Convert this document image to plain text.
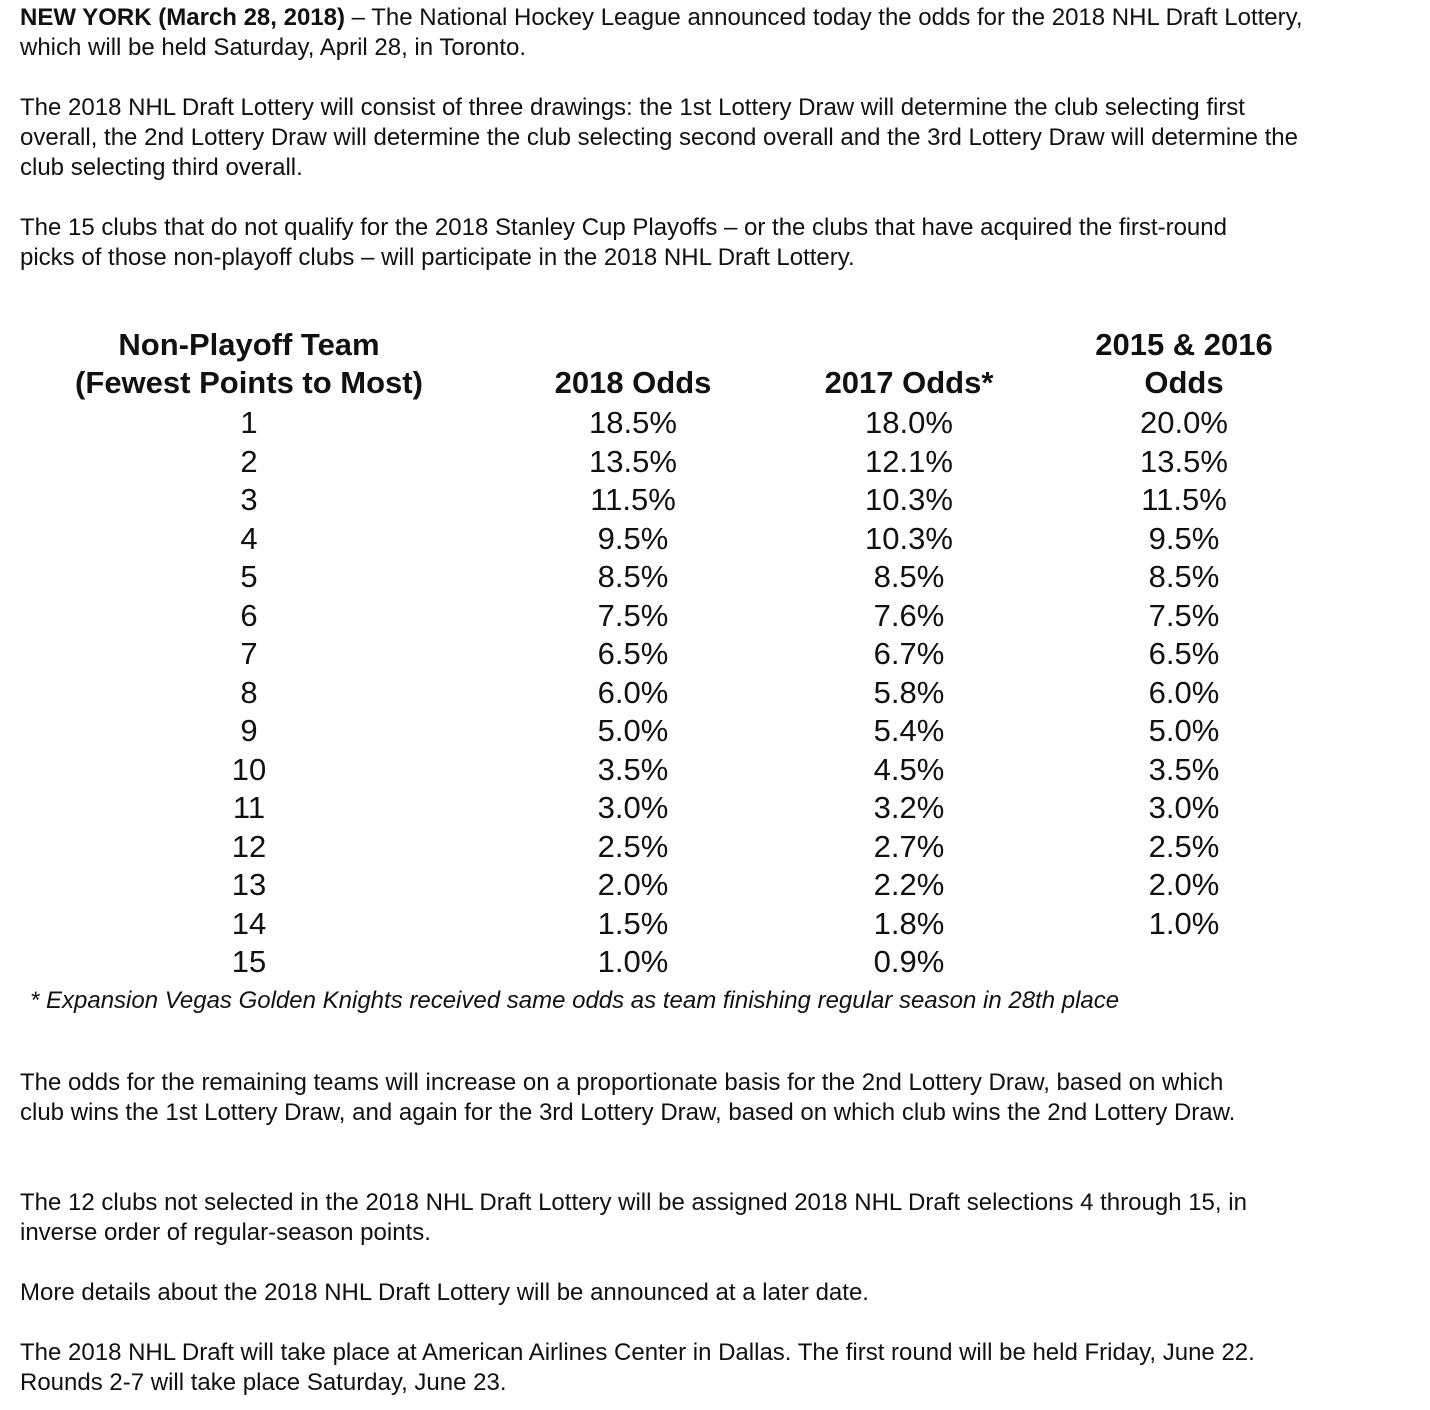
NEW YORK (March 28, 2018) – The National Hockey League announced today the odds for the 2018 NHL Draft Lottery, which will be held Saturday, April 28, in Toronto.

The 2018 NHL Draft Lottery will consist of three drawings: the 1st Lottery Draw will determine the club selecting first overall, the 2nd Lottery Draw will determine the club selecting second overall and the 3rd Lottery Draw will determine the club selecting third overall.

The 15 clubs that do not qualify for the 2018 Stanley Cup Playoffs – or the clubs that have acquired the first-round picks of those non-playoff clubs – will participate in the 2018 NHL Draft Lottery.

Non-Playoff Team
(Fewest Points to Most)	2018 Odds	2017 Odds*
2015 & 2016
Odds
1	18.5%	18.0%	20.0%
2	13.5%	12.1%	13.5%
3	11.5%	10.3%	11.5%
4	9.5%	10.3%	9.5%
5	8.5%	8.5%	8.5%
6	7.5%	7.6%	7.5%
7	6.5%	6.7%	6.5%
8	6.0%	5.8%	6.0%
9	5.0%	5.4%	5.0%
10	3.5%	4.5%	3.5%
11	3.0%	3.2%	3.0%
12	2.5%	2.7%	2.5%
13	2.0%	2.2%	2.0%
14	1.5%	1.8%	1.0%
15	1.0%	0.9%
* Expansion Vegas Golden Knights received same odds as team finishing regular season in 28th place

The odds for the remaining teams will increase on a proportionate basis for the 2nd Lottery Draw, based on which club wins the 1st Lottery Draw, and again for the 3rd Lottery Draw, based on which club wins the 2nd Lottery Draw.

The 12 clubs not selected in the 2018 NHL Draft Lottery will be assigned 2018 NHL Draft selections 4 through 15, in inverse order of regular-season points.

More details about the 2018 NHL Draft Lottery will be announced at a later date.

The 2018 NHL Draft will take place at American Airlines Center in Dallas. The first round will be held Friday, June 22. Rounds 2-7 will take place Saturday, June 23.
